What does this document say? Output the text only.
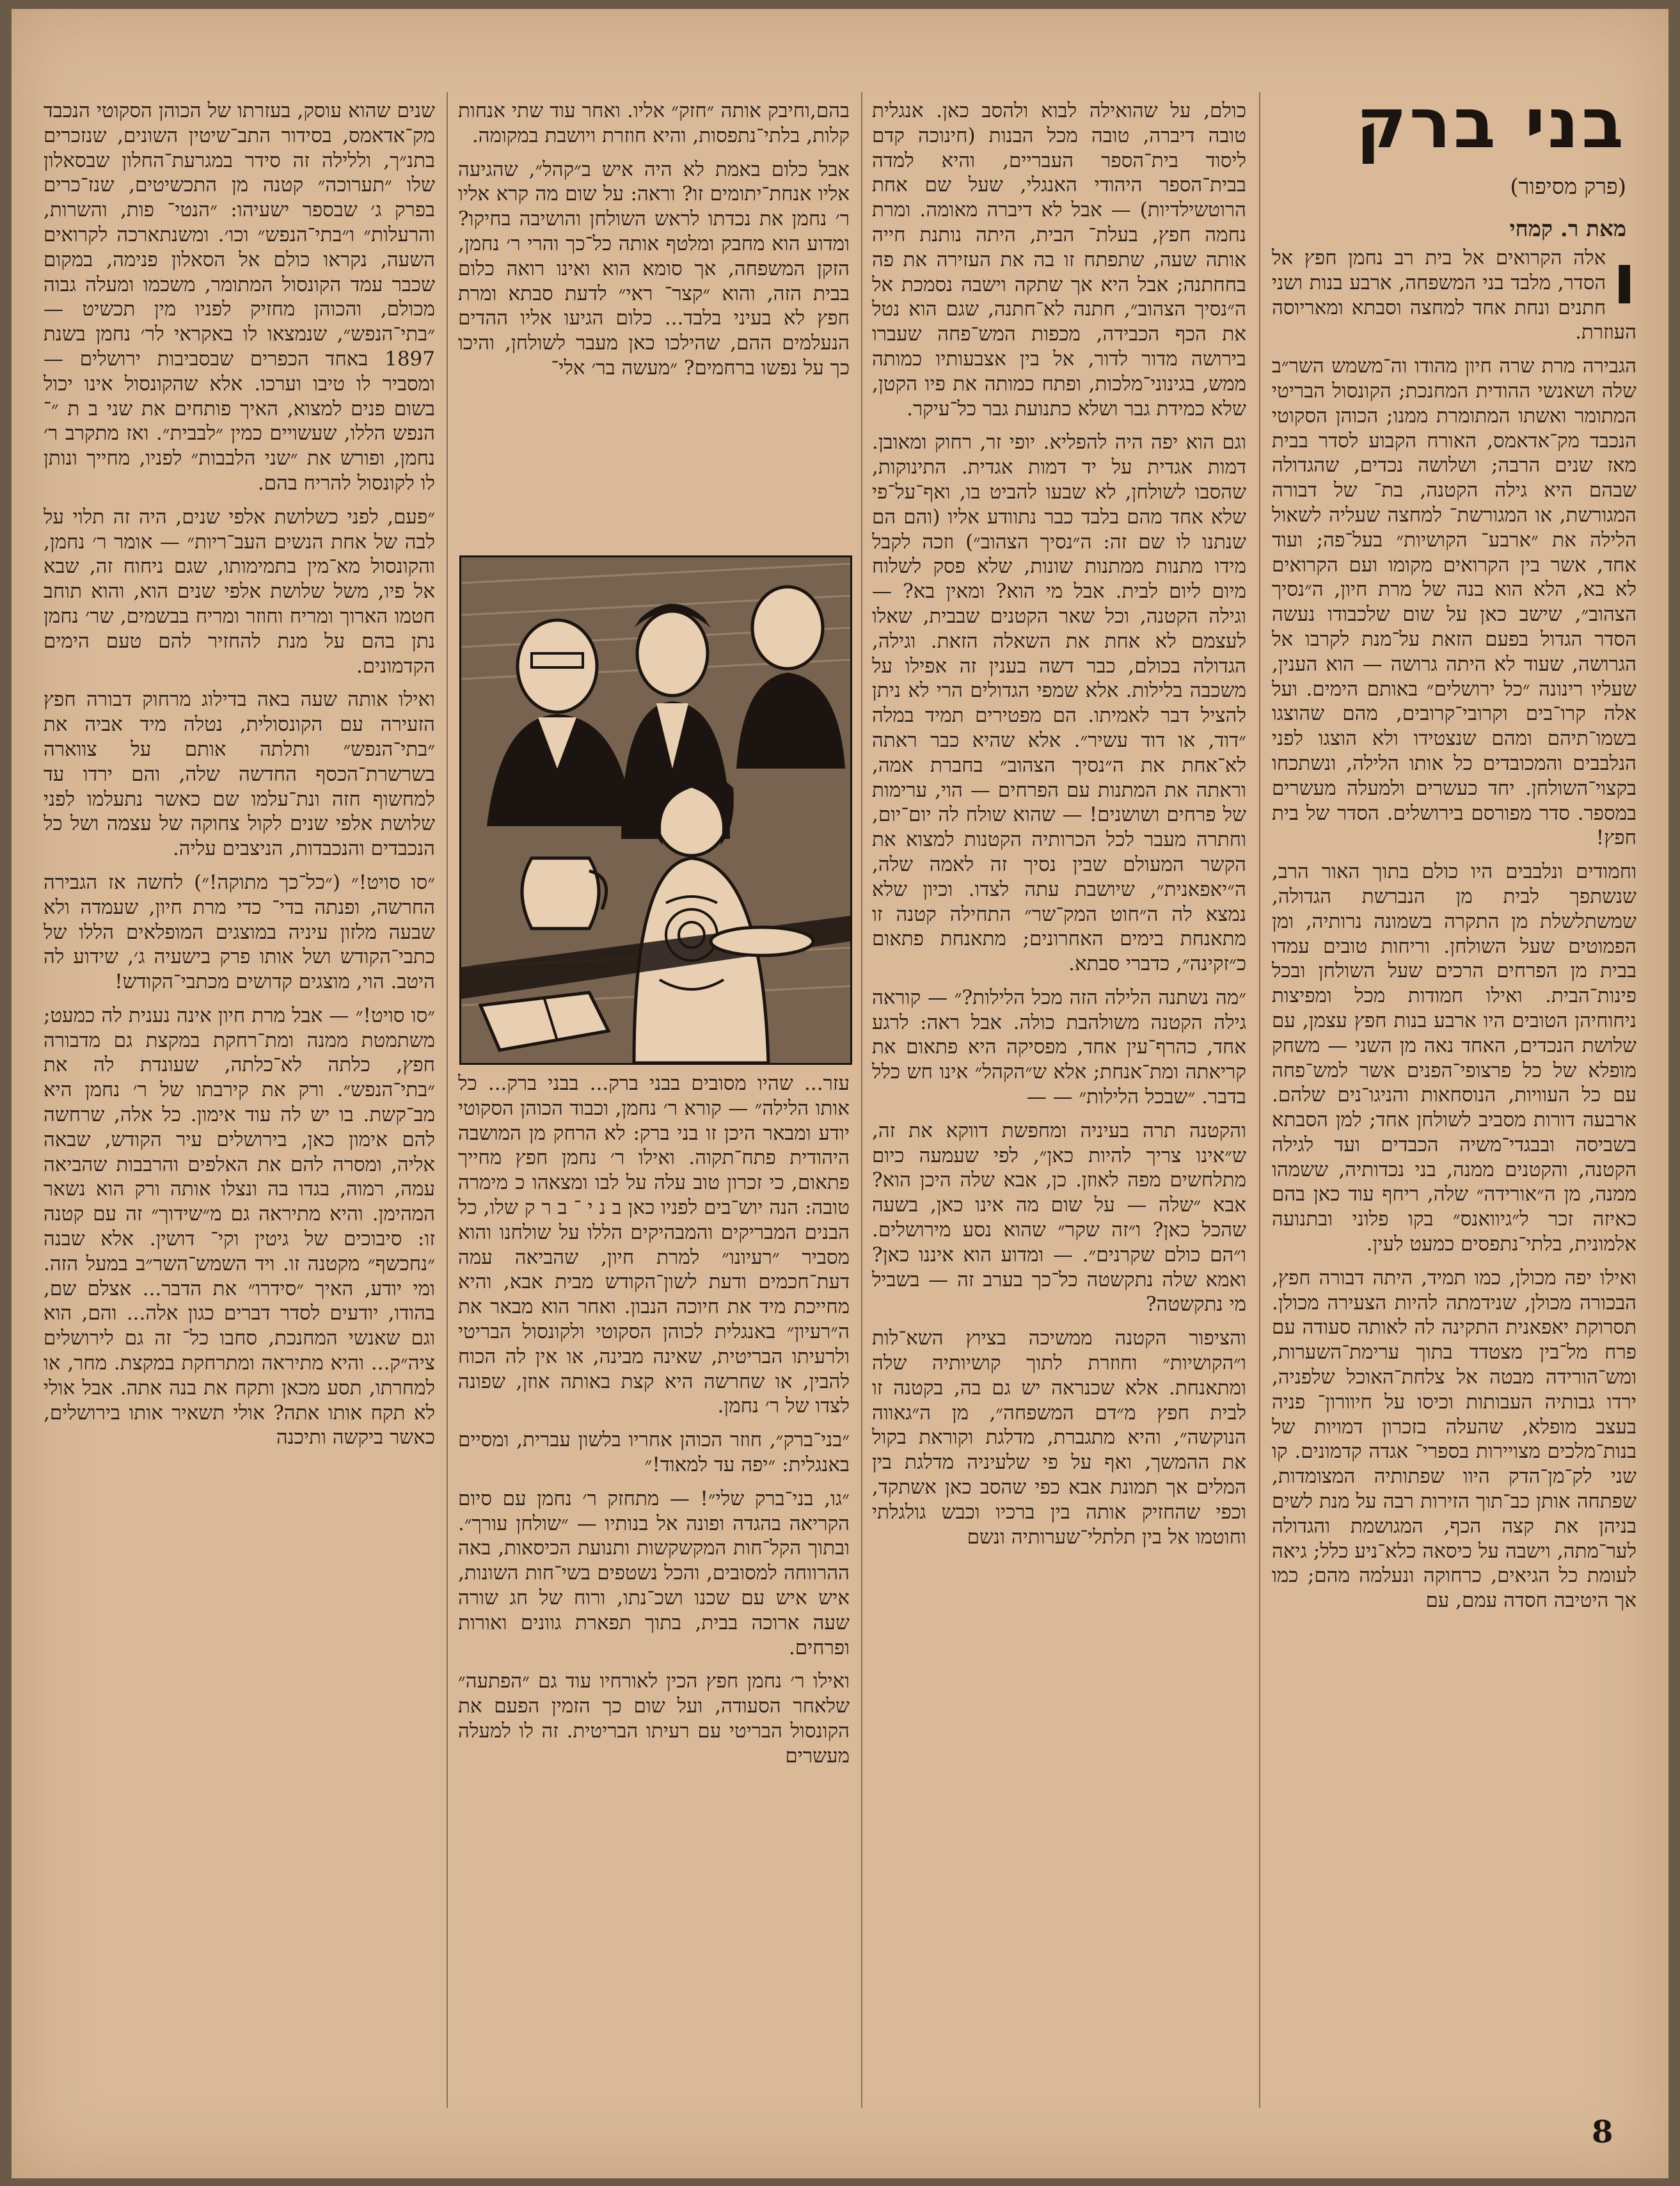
בני ברק
(פרק מסיפור)
מאת ר. קמחי

ו
אלה הקרואים אל בית רב נחמן חפץ אל הסדר, מלבד בני המשפחה, ארבע בנות ושני חתנים ונחת אחד למחצה וסבתא ומאריוסה העוזרת.

הגבירה מרת שרה חיון מהודו וה־משמש השר״ב שלה ושאנשי ההודית המחנכת; הקונסול הבריטי המתומר ואשתו המתומרת ממנו; הכוהן הסקוטי הנכבד מק־אדאמס, האורח הקבוע לסדר בבית מאז שנים הרבה; ושלושה נכדים, שהגדולה שבהם היא גילה הקטנה, בת־ של דבורה המגורשת, או המגורשת־ למחצה שעליה לשאול הלילה את ״ארבע־ הקושיות״ בעל־פה; ועוד אחד, אשר בין הקרואים מקומו ועם הקרואים לא בא, הלא הוא בנה של מרת חיון, ה״נסיך הצהוב״, שישב כאן על שום שלכבודו נעשה הסדר הגדול בפעם הזאת על־מנת לקרבו אל הגרושה, שעוד לא היתה גרושה — הוא הענין, שעליו רינונה ״כל ירושלים״ באותם הימים. ועל אלה קרו־בים וקרובי־קרובים, מהם שהוצגו בשמו־תיהם ומהם שנצטידו ולא הוצגו לפני הנלבבים והמכובדים כל אותו הלילה, ונשתכחו בקצוי־השולחן. יחד כעשרים ולמעלה מעשרים במספר. סדר מפורסם בירושלים. הסדר של בית חפץ!

וחמודים ונלבבים היו כולם בתוך האור הרב, שנשתפך לבית מן הנברשת הגדולה, שמשתלשלת מן התקרה בשמונה נרותיה, ומן הפמוטים שעל השולחן. וריחות טובים עמדו בבית מן הפרחים הרכים שעל השולחן ובכל פינות־הבית. ואילו חמודות מכל ומפיצות ניחוחיהן הטובים היו ארבע בנות חפץ עצמן, עם שלושת הנכדים, האחד נאה מן השני — משחק מופלא של כל פרצופי־הפנים אשר למש־פחה עם כל העוויות, הנוסחאות והניגו־נים שלהם. ארבעה דורות מסביב לשולחן אחד; למן הסבתא בשביסה ובבגדי־משיה הכבדים ועד לגילה הקטנה, והקטנים ממנה, בני נכדותיה, ששמהו ממנה, מן ה״אורידה״ שלה, ריחף עוד כאן בהם כאיזה זכר ל״גיוואנס״ בקו פלוני ובתנועה אלמונית, בלתי־נתפסים כמעט לעין.

ואילו יפה מכולן, כמו תמיד, היתה דבורה חפץ, הבכורה מכולן, שנידמתה להיות הצעירה מכולן. תסרוקת יאפאנית התקינה לה לאותה סעודה עם פרח מל־בין מצטדד בתוך ערימת־השערות, ומש־הורידה מבטה אל צלחת־האוכל שלפניה, ירדו גבותיה העבותות וכיסו על חיוורון־ פניה בעצב מופלא, שהעלה בזכרון דמויות של בנות־מלכים מצויירות בספרי־ אגדה קדמונים. קו שני לק־מן־הדק היוו שפתותיה המצומדות, שפתחה אותן כב־תוך הזירות רבה על מנת לשים בניהן את קצה הכף, המגושמת והגדולה לער־מתה, וישבה על כיסאה כלא־ניע כלל; גיאה לעומת כל הגיאים, כרחוקה ונעלמה מהם; כמו אך היטיבה חסדה עמם, עם

כולם, על שהואילה לבוא ולהסב כאן. אנגלית טובה דיברה, טובה מכל הבנות (חינוכה קדם ליסוד בית־הספר העבריים, והיא למדה בבית־הספר היהודי האנגלי, שעל שם אחת הרוטשילדיות) — אבל לא דיברה מאומה. ומרת נחמה חפץ, בעלת־ הבית, היתה נותנת חייה אותה שעה, שתפתח זו בה את העזירה את פה בחחתנה; אבל היא אך שתקה וישבה נסמכת אל ה״נסיך הצהוב״, חתנה לא־חתנה, שגם הוא נטל את הכף הכבידה, מכפות המש־פחה שעברו בירושה מדור לדור, אל בין אצבעותיו כמותה ממש, בגינוני־מלכות, ופתח כמותה את פיו הקטן, שלא כמידת גבר ושלא כתנועת גבר כל־עיקר.

וגם הוא יפה היה להפליא. יופי זר, רחוק ומאובן. דמות אגדית על יד דמות אגדית. התינוקות, שהסבו לשולחן, לא שבעו להביט בו, ואף־על־פי שלא אחד מהם בלבד כבר נתוודע אליו (והם הם שנתנו לו שם זה: ה״נסיך הצהוב״) וזכה לקבל מידו מתנות ממתנות שונות, שלא פסק לשלוח מיום ליום לבית. אבל מי הוא? ומאין בא? — וגילה הקטנה, וכל שאר הקטנים שבבית, שאלו לעצמם לא אחת את השאלה הזאת. וגילה, הגדולה בכולם, כבר דשה בענין זה אפילו על משכבה בלילות. אלא שמפי הגדולים הרי לא ניתן להציל דבר לאמיתו. הם מפטירים תמיד במלה ״דוד, או דוד עשיר״. אלא שהיא כבר ראתה לא־אחת את ה״נסיך הצהוב״ בחברת אמה, וראתה את המתנות עם הפרחים — הוי, ערימות של פרחים ושושנים! — שהוא שולח לה יום־יום, וחתרה מעבר לכל הכרותיה הקטנות למצוא את הקשר המעולם שבין נסיך זה לאמה שלה, ה״יאפאנית״, שיושבת עתה לצדו. וכיון שלא נמצא לה ה״חוט המק־שר״ התחילה קטנה זו מתאנחת בימים האחרונים; מתאנחת פתאום כ״זקינה״, כדברי סבתא.

״מה נשתנה הלילה הזה מכל הלילות?״ — קוראה גילה הקטנה משולהבת כולה. אבל ראה: לרגע אחד, כהרף־עין אחד, מפסיקה היא פתאום את קריאתה ומת־אנחת; אלא ש״הקהל״ אינו חש כלל בדבר. ״שבכל הלילות״ — —

והקטנה תרה בעיניה ומחפשת דווקא את זה, ש״אינו צריך להיות כאן״, לפי שעמעה כיום מתלחשים מפה לאוזן. כן, אבא שלה היכן הוא? אבא ״שלה — על שום מה אינו כאן, בשעה שהכל כאן? ו״זה שקר״ שהוא נסע מירושלים. ו״הם כולם שקרנים״. — ומדוע הוא איננו כאן? ואמא שלה נתקשטה כל־כך בערב זה — בשביל מי נתקשטה?

והציפור הקטנה ממשיכה בציוץ השא־לות ו״הקושיות״ וחוזרת לתוך קושיותיה שלה ומתאנחת. אלא שכנראה יש גם בה, בקטנה זו לבית חפץ מ״דם המשפחה״, מן ה״גאווה הנוקשה״, והיא מתגברת, מדלגת וקוראת בקול את ההמשך, ואף על פי שלעיניה מדלגת בין המלים אך תמונת אבא כפי שהסב כאן אשתקד, וכפי שהחזיק אותה בין ברכיו וכבש גולגלתי וחוטמו אל בין תלתלי־שערותיה ונשם

בהם,וחיבק אותה ״חזק״ אליו. ואחר עוד שתי אנחות קלות, בלתי־נתפסות, והיא חוזרת ויושבת במקומה.

אבל כלום באמת לא היה איש ב״קהל״, שהגיעה אליו אנחת־יתומים זו? וראה: על שום מה קרא אליו ר׳ נחמן את נכדתו לראש השולחן והושיבה בחיקו? ומדוע הוא מחבק ומלטף אותה כל־כך והרי ר׳ נחמן, הזקן המשפחה, אך סומא הוא ואינו רואה כלום בבית הזה, והוא ״קצר־ ראי״ לדעת סבתא ומרת חפץ לא בעיני בלבד... כלום הגיעו אליו ההדים הנעלמים ההם, שהילכו כאן מעבר לשולחן, והיכו כך על נפשו ברחמים? ״מעשה בר׳ אלי־

עזר... שהיו מסובים בבני ברק... בבני ברק... כל אותו הלילה״ — קורא ר׳ נחמן, וכבוד הכוהן הסקוטי יודע ומבאר היכן זו בני ברק: לא הרחק מן המושבה היהודית פתח־תקוה. ואילו ר׳ נחמן חפץ מחייך פתאום, כי זכרון טוב עלה על לבו ומצאהו כ מימרה טובה: הנה יוש־בים לפניו כאן ב נ י ־ ב ר ק שלו, כל הבנים המבריקים והמבהיקים הללו על שולחנו והוא מסביר ״רעיונו״ למרת חיון, שהביאה עמה דעת־חכמים ודעת לשון־הקודש מבית אבא, והיא מחייכת מיד את חיוכה הנבון. ואחר הוא מבאר את ה״רעיון״ באנגלית לכוהן הסקוטי ולקונסול הבריטי ולרעיתו הבריטית, שאינה מבינה, או אין לה הכוח להבין, או שחרשה היא קצת באותה אוזן, שפונה לצדו של ר׳ נחמן.

״בני־ברק״, חוזר הכוהן אחריו בלשון עברית, ומסיים באנגלית: ״יפה עד למאוד!״

״גו, בני־ברק שלי״! — מתחזק ר׳ נחמן עם סיום הקריאה בהגדה ופונה אל בנותיו — ״שולחן עורך״. ובתוך הקל־חות המקשקשות ותנועת הכיסאות, באה ההרווחה למסובים, והכל נשטפים בשי־חות השונות, איש איש עם שכנו ושכ־נתו, ורוח של חג שורה שעה ארוכה בבית, בתוך תפארת גוונים ואורות ופרחים.

ואילו ר׳ נחמן חפץ הכין לאורחיו עוד גם ״הפתעה״ שלאחר הסעודה, ועל שום כך הזמין הפעם את הקונסול הבריטי עם רעיתו הבריטית. זה לו למעלה מעשרים

שנים שהוא עוסק, בעזרתו של הכוהן הסקוטי הנכבד מק־אדאמס, בסידור התב־שיטין השונים, שנזכרים בתנ״ך, וללילה זה סידר במגרעת־החלון שבסאלון שלו ״תערוכה״ קטנה מן התכשיטים, שנז־כרים בפרק ג׳ שבספר ישעיהו: ״הנטי־ פות, והשרות, והרעלות״ ו״בתי־הנפש״ וכו׳. ומשנתארכה לקרואים השעה, נקראו כולם אל הסאלון פנימה, במקום שכבר עמד הקונסול המתומר, משכמו ומעלה גבוה מכולם, והכוהן מחזיק לפניו מין תכשיט — ״בתי־הנפש״, שנמצאו לו באקראי לר׳ נחמן בשנת 1897 באחד הכפרים שבסביבות ירושלים — ומסביר לו טיבו וערכו. אלא שהקונסול אינו יכול בשום פנים למצוא, האיך פותחים את שני ב ת ״־הנפש הללו, שעשויים כמין ״לבבית״. ואז מתקרב ר׳ נחמן, ופורש את ״שני הלבבות״ לפניו, מחייך ונותן לו לקונסול להריח בהם.

״פעם, לפני כשלושת אלפי שנים, היה זה תלוי על לבה של אחת הנשים העב־ריות״ — אומר ר׳ נחמן, והקונסול מא־מין בתמימותו, שגם ניחוח זה, שבא אל פיו, משל שלושת אלפי שנים הוא, והוא תוחב חטמו הארוך ומריח וחוזר ומריח בבשמים, שר׳ נחמן נתן בהם על מנת להחזיר להם טעם הימים הקדמונים.

ואילו אותה שעה באה בדילוג מרחוק דבורה חפץ הזעירה עם הקונסולית, נטלה מיד אביה את ״בתי־הנפש״ ותלתה אותם על צווארה בשרשרת־הכסף החדשה שלה, והם ירדו עד למחשוף חזה ונת־עלמו שם כאשר נתעלמו לפני שלושת אלפי שנים לקול צחוקה של עצמה ושל כל הנכבדים והנכבדות, הניצבים עליה.

״סו סויט!״ (״כל־כך מתוקה!״) לחשה אז הגבירה החרשה, ופנתה בדי־ כדי מרת חיון, שעמדה ולא שבעה מלזון עיניה במוצגים המופלאים הללו של כתבי־הקודש ושל אותו פרק בישעיה ג׳, שידוע לה היטב. הוי, מוצגים קדושים מכתבי־הקודש!

״סו סויט!״ — אבל מרת חיון אינה נענית לה כמעט; משתמטת ממנה ומת־רחקת במקצת גם מדבורה חפץ, כלתה לא־כלתה, שעונדת לה את ״בתי־הנפש״. ורק את קירבתו של ר׳ נחמן היא מב־קשת. בו יש לה עוד אימון. כל אלה, שרחשה להם אימון כאן, בירושלים עיר הקודש, שבאה אליה, ומסרה להם את האלפים והרבבות שהביאה עמה, רמוה, בגדו בה ונצלו אותה ורק הוא נשאר המהימן. והיא מתיראה גם מ״שידוך״ זה עם קטנה זו: סיבוכים של גיטין וקי־ דושין. אלא שבנה ״נחכשף״ מקטנה זו. ויד השמש־השר״ב במעל הזה. ומי יודע, האיך ״סידרו״ את הדבר... אצלם שם, בהודו, יודעים לסדר דברים כגון אלה... והם, הוא וגם שאנשי המחנכת, סחבו כל־ זה גם לירושלים ציה״ק... והיא מתיראה ומתרחקת במקצת. מחר, או למחרתו, תסע מכאן ותקח את בנה אתה. אבל אולי לא תקח אותו אתה? אולי תשאיר אותו בירושלים, כאשר ביקשה ותיכנה

8
